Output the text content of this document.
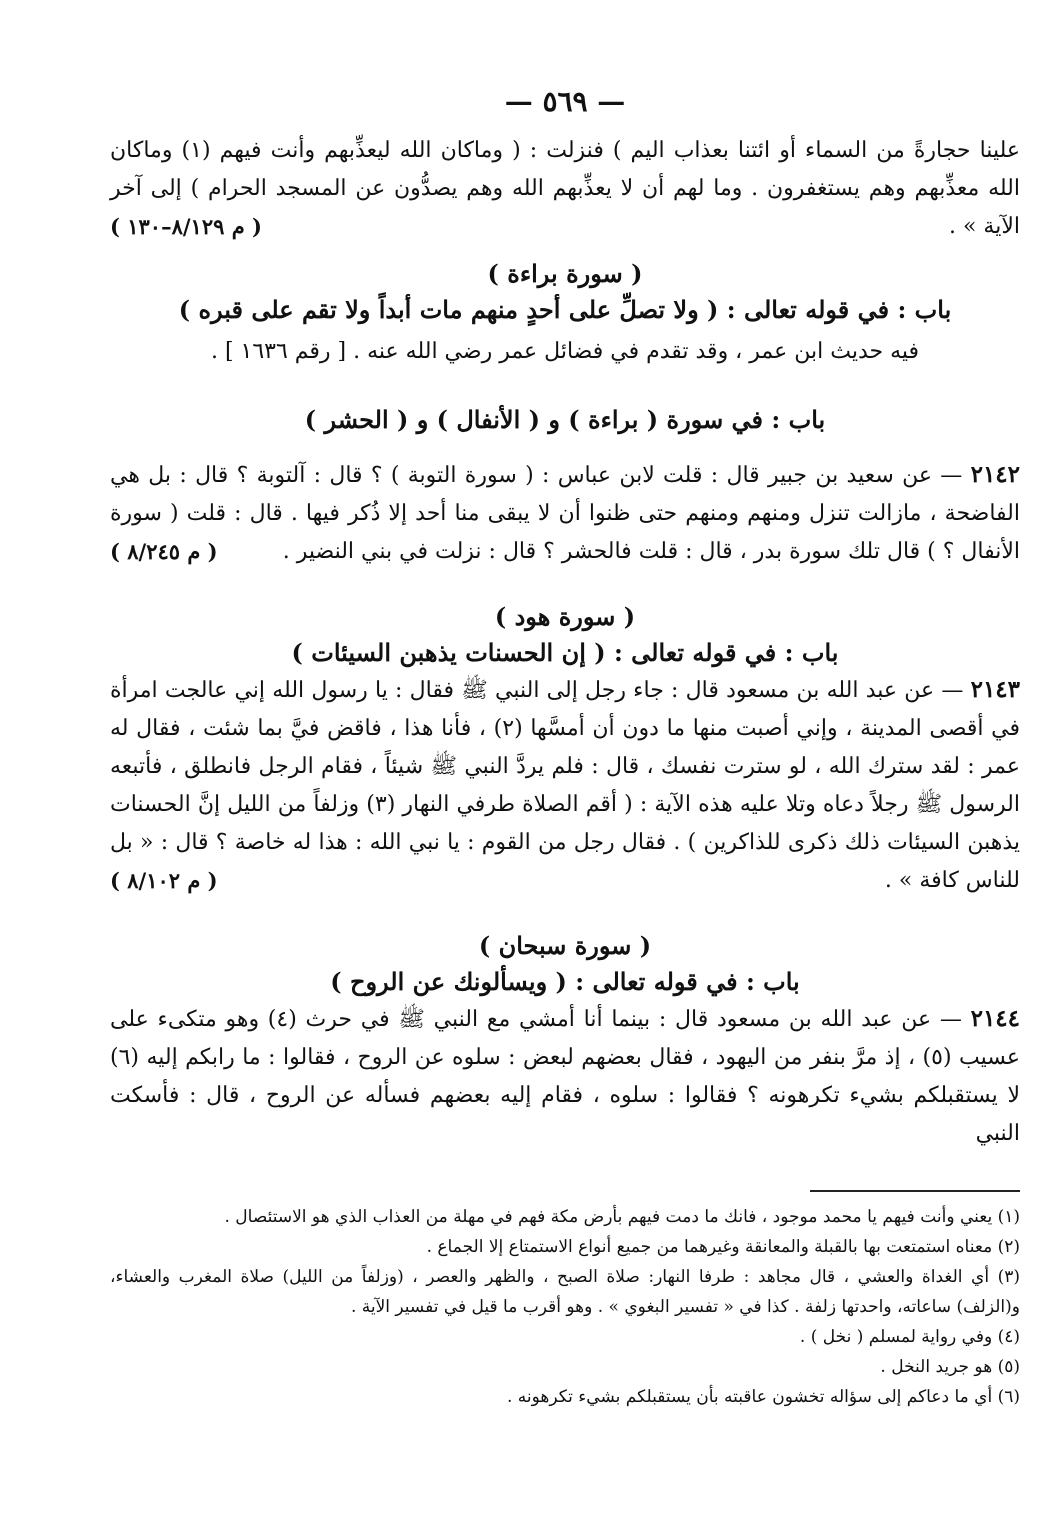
— ٥٦٩ —

علينا حجارةً من السماء أو ائتنا بعذاب اليم ) فنزلت : ( وماكان الله ليعذِّبهم وأنت فيهم (١) وماكان الله معذِّبهم وهم يستغفرون . وما لهم أن لا يعذِّبهم الله وهم يصدُّون عن المسجد الحرام ) إلى آخر الآية » .
( م ٨/١٢٩–١٣٠ )

( سورة براءة )
باب : في قوله تعالى : ( ولا تصلِّ على أحدٍ منهم مات أبداً ولا تقم على قبره )
فيه حديث ابن عمر ، وقد تقدم في فضائل عمر رضي الله عنه . [ رقم ١٦٣٦ ] .
باب : في سورة ( براءة ) و ( الأنفال ) و ( الحشر )

٢١٤٢ — عن سعيد بن جبير قال : قلت لابن عباس : ( سورة التوبة ) ؟ قال : آلتوبة ؟ قال : بل هي الفاضحة ، مازالت تنزل ومنهم ومنهم حتى ظنوا أن لا يبقى منا أحد إلا ذُكر فيها . قال : قلت ( سورة الأنفال ؟ ) قال تلك سورة بدر ، قال : قلت فالحشر ؟ قال : نزلت في بني النضير .
( م ٨/٢٤٥ )

( سورة هود )
باب : في قوله تعالى : ( إن الحسنات يذهبن السيئات )

٢١٤٣ — عن عبد الله بن مسعود قال : جاء رجل إلى النبي ﷺ فقال : يا رسول الله إني عالجت امرأة في أقصى المدينة ، وإني أصبت منها ما دون أن أمسَّها (٢) ، فأنا هذا ، فاقض فيَّ بما شئت ، فقال له عمر : لقد سترك الله ، لو سترت نفسك ، قال : فلم يردَّ النبي ﷺ شيئاً ، فقام الرجل فانطلق ، فأتبعه الرسول ﷺ رجلاً دعاه وتلا عليه هذه الآية : ( أقم الصلاة طرفي النهار (٣) وزلفاً من الليل إنَّ الحسنات يذهبن السيئات ذلك ذكرى للذاكرين ) . فقال رجل من القوم : يا نبي الله : هذا له خاصة ؟ قال : « بل للناس كافة » .
( م ٨/١٠٢ )

( سورة سبحان )
باب : في قوله تعالى : ( ويسألونك عن الروح )

٢١٤٤ — عن عبد الله بن مسعود قال : بينما أنا أمشي مع النبي ﷺ في حرث (٤) وهو متكىء على عسيب (٥) ، إذ مرَّ بنفر من اليهود ، فقال بعضهم لبعض : سلوه عن الروح ، فقالوا : ما رابكم إليه (٦) لا يستقبلكم بشيء تكرهونه ؟ فقالوا : سلوه ، فقام إليه بعضهم فسأله عن الروح ، قال : فأسكت النبي

(١) يعني وأنت فيهم يا محمد موجود ، فانك ما دمت فيهم بأرض مكة فهم في مهلة من العذاب الذي هو الاستئصال .

(٢) معناه استمتعت بها بالقبلة والمعانقة وغيرهما من جميع أنواع الاستمتاع إلا الجماع .

(٣) أي الغداة والعشي ، قال مجاهد : طرفا النهار: صلاة الصبح ، والظهر والعصر ، (وزلفاً من الليل) صلاة المغرب والعشاء، و(الزلف) ساعاته، واحدتها زلفة . كذا في « تفسير البغوي » . وهو أقرب ما قيل في تفسير الآية .

(٤) وفي رواية لمسلم ( نخل ) .

(٥) هو جريد النخل .

(٦) أي ما دعاكم إلى سؤاله تخشون عاقبته بأن يستقبلكم بشيء تكرهونه .
